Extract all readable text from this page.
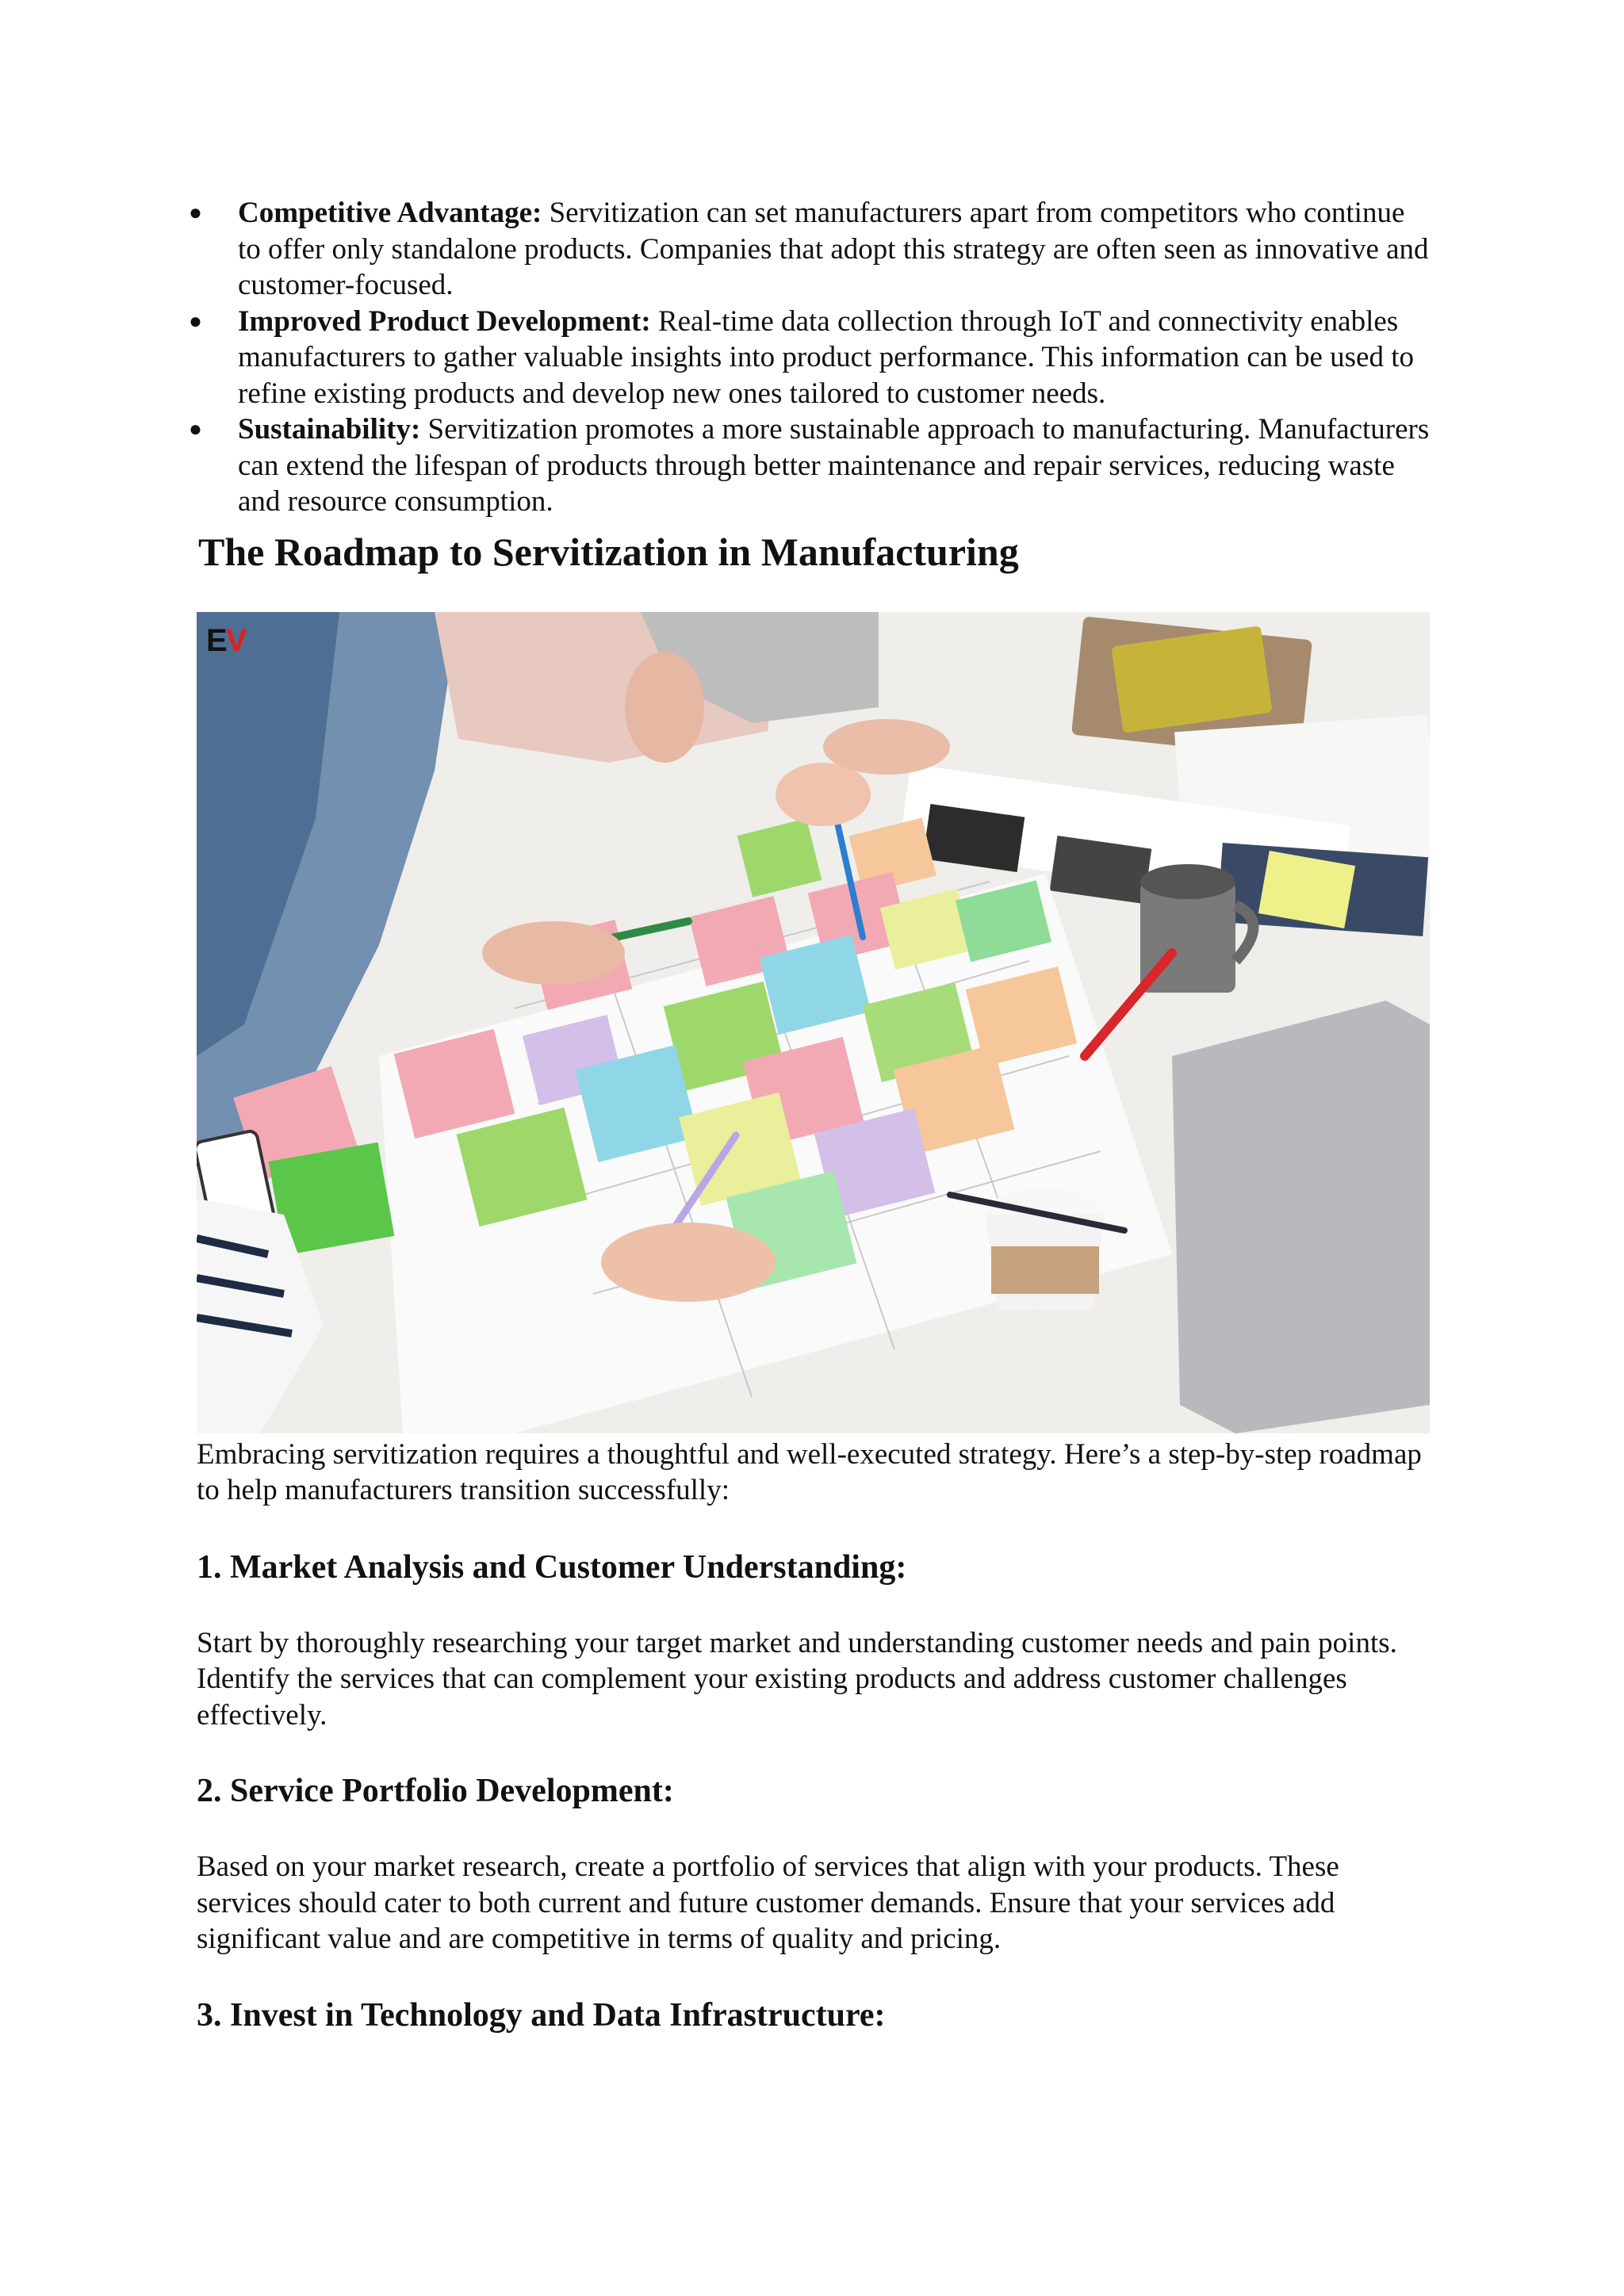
● Competitive Advantage: Servitization can set manufacturers apart from competitors who continue to offer only standalone products. Companies that adopt this strategy are often seen as innovative and customer-focused.
● Improved Product Development: Real-time data collection through IoT and connectivity enables manufacturers to gather valuable insights into product performance. This information can be used to refine existing products and develop new ones tailored to customer needs.
● Sustainability: Servitization promotes a more sustainable approach to manufacturing. Manufacturers can extend the lifespan of products through better maintenance and repair services, reducing waste and resource consumption.
The Roadmap to Servitization in Manufacturing
EV

Embracing servitization requires a thoughtful and well-executed strategy. Here’s a step-by-step roadmap to help manufacturers transition successfully:

1. Market Analysis and Customer Understanding:

Start by thoroughly researching your target market and understanding customer needs and pain points. Identify the services that can complement your existing products and address customer challenges effectively.

2. Service Portfolio Development:

Based on your market research, create a portfolio of services that align with your products. These services should cater to both current and future customer demands. Ensure that your services add significant value and are competitive in terms of quality and pricing.

3. Invest in Technology and Data Infrastructure:
